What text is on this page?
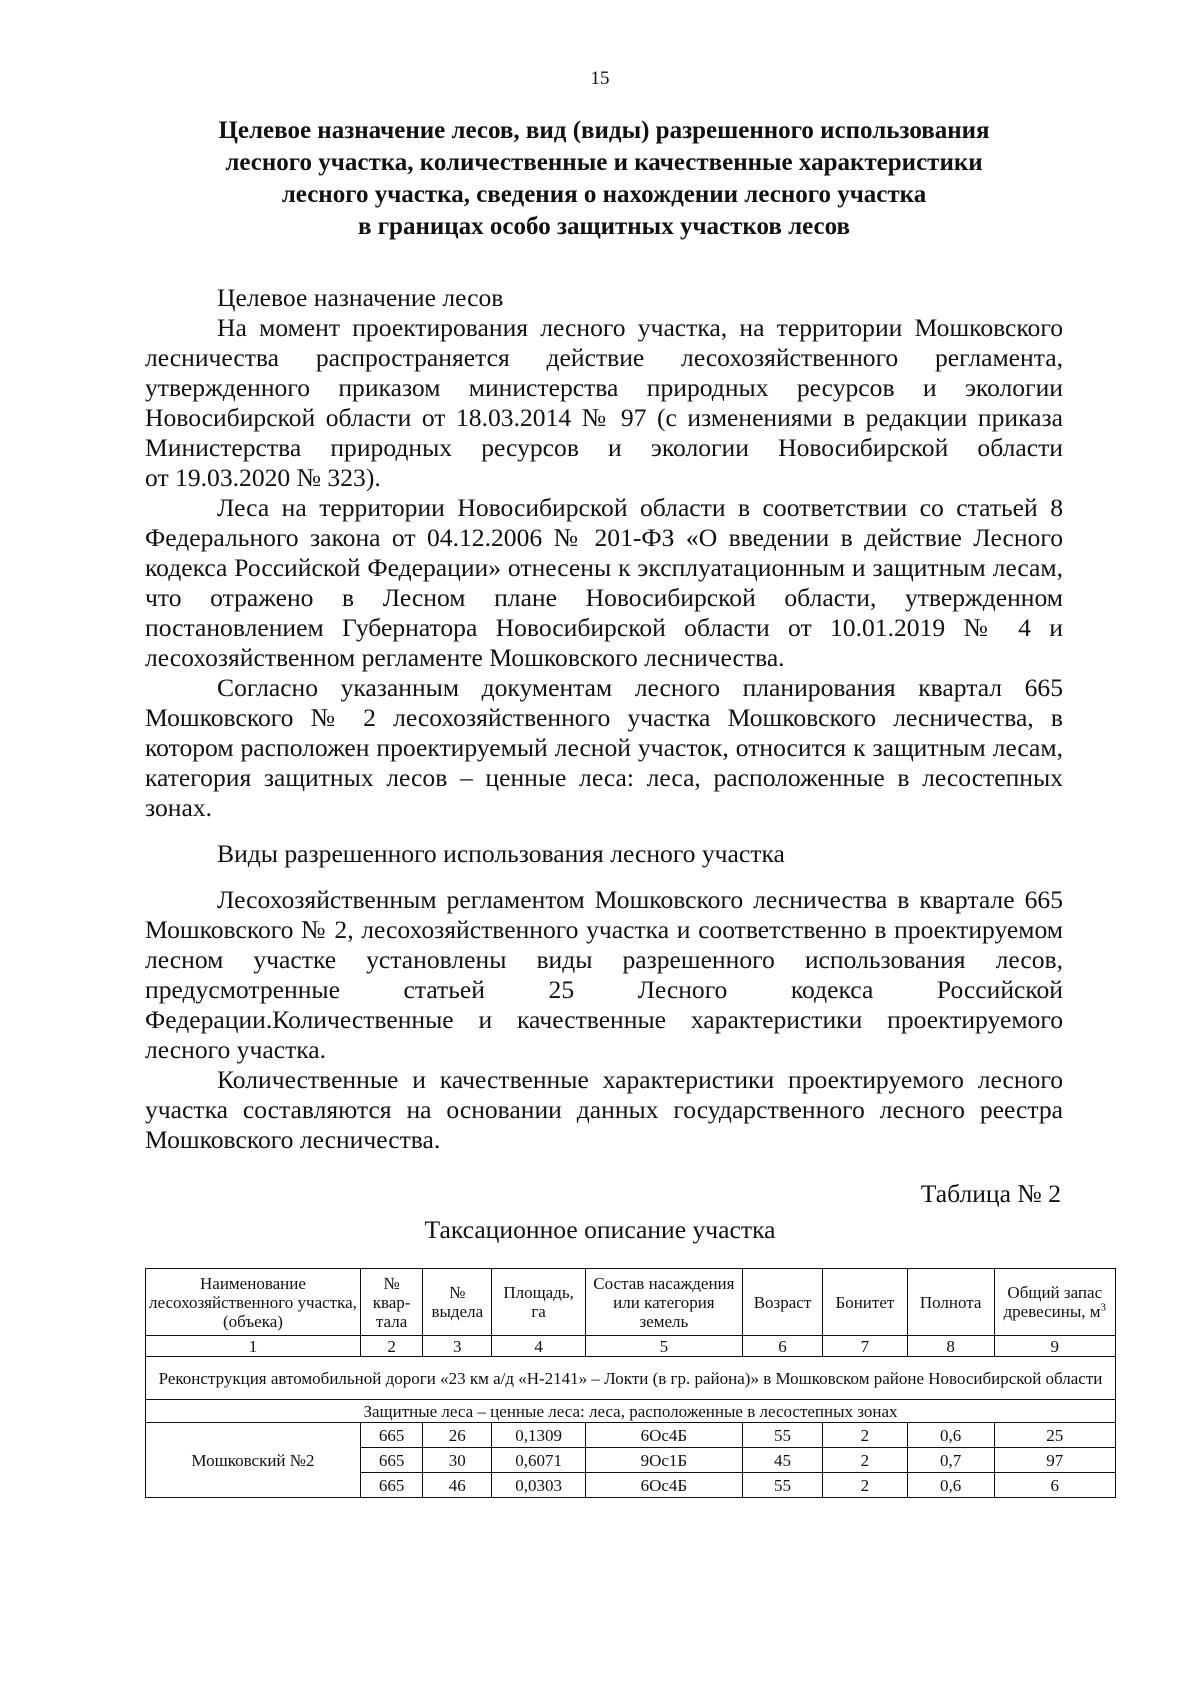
15
Целевое назначение лесов, вид (виды) разрешенного использования
лесного участка, количественные и качественные характеристики
лесного участка, сведения о нахождении лесного участка
в границах особо защитных участков лесов

Целевое назначение лесов

На момент проектирования лесного участка, на территории Мошковского
лесничества распространяется действие лесохозяйственного регламента,
утвержденного приказом министерства природных ресурсов и экологии
Новосибирской области от 18.03.2014 № 97 (с изменениями в редакции приказа
Министерства природных ресурсов и экологии Новосибирской области
от 19.03.2020 № 323).

Леса на территории Новосибирской области в соответствии со статьей 8
Федерального закона от 04.12.2006 № 201-ФЗ «О введении в действие Лесного
кодекса Российской Федерации» отнесены к эксплуатационным и защитным лесам,
что отражено в Лесном плане Новосибирской области, утвержденном
постановлением Губернатора Новосибирской области от 10.01.2019 № 4 и
лесохозяйственном регламенте Мошковского лесничества.

Согласно указанным документам лесного планирования квартал 665
Мошковского № 2 лесохозяйственного участка Мошковского лесничества, в
котором расположен проектируемый лесной участок, относится к защитным лесам,
категория защитных лесов – ценные леса: леса, расположенные в лесостепных
зонах.

Виды разрешенного использования лесного участка

Лесохозяйственным регламентом Мошковского лесничества в квартале 665
Мошковского № 2, лесохозяйственного участка и соответственно в проектируемом
лесном участке установлены виды разрешенного использования лесов,
предусмотренные статьей 25 Лесного кодекса Российской
Федерации.Количественные и качественные характеристики проектируемого
лесного участка.

Количественные и качественные характеристики проектируемого лесного
участка составляются на основании данных государственного лесного реестра
Мошковского лесничества.

Таблица № 2
Таксационное описание участка
Наименование лесохозяйственного участка, (объека)	№ квар-тала	№ выдела	Площадь, га	Состав насаждения или категория земель	Возраст	Бонитет	Полнота	Общий запас древесины, $м^3$
1	2	3	4	5	6	7	8	9
Реконструкция автомобильной дороги «23 км а/д «Н-2141» – Локти (в гр. района)» в Мошковском районе Новосибирской области								
Защитные леса – ценные леса: леса, расположенные в лесостепных зонах								
Мошковский №2	665	26	0,1309	6Ос4Б	55	2	0,6	25
	665	30	0,6071	9Ос1Б	45	2	0,7	97
	665	46	0,0303	6Ос4Б	55	2	0,6	6
